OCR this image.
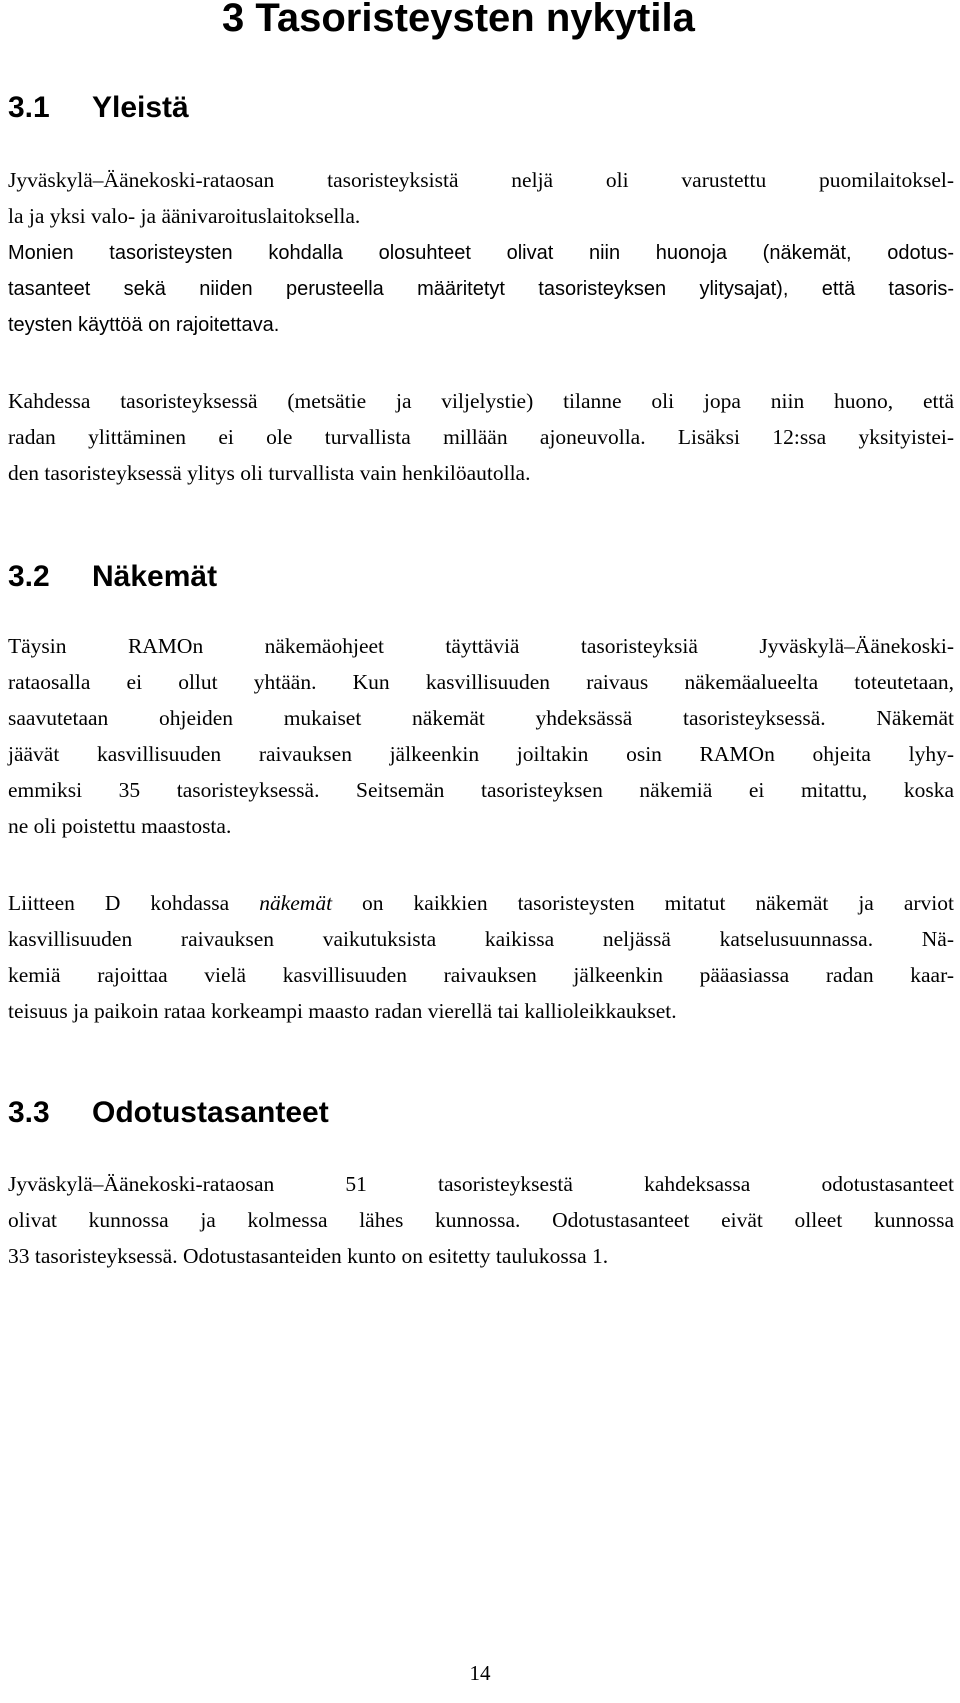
3 Tasoristeysten nykytila
3.1 Yleistä

Jyväskylä–Äänekoski-rataosan tasoristeyksistä neljä oli varustettu puomilaitoksel-
la ja yksi valo- ja äänivaroituslaitoksella.

Monien tasoristeysten kohdalla olosuhteet olivat niin huonoja (näkemät, odotus-
tasanteet sekä niiden perusteella määritetyt tasoristeyksen ylitysajat), että tasoris-
teysten käyttöä on rajoitettava.

Kahdessa tasoristeyksessä (metsätie ja viljelystie) tilanne oli jopa niin huono, että
radan ylittäminen ei ole turvallista millään ajoneuvolla. Lisäksi 12:ssa yksityistei-
den tasoristeyksessä ylitys oli turvallista vain henkilöautolla.

3.2 Näkemät

Täysin RAMOn näkemäohjeet täyttäviä tasoristeyksiä Jyväskylä–Äänekoski-
rataosalla ei ollut yhtään. Kun kasvillisuuden raivaus näkemäalueelta toteutetaan,
saavutetaan ohjeiden mukaiset näkemät yhdeksässä tasoristeyksessä. Näkemät
jäävät kasvillisuuden raivauksen jälkeenkin joiltakin osin RAMOn ohjeita lyhy-
emmiksi 35 tasoristeyksessä. Seitsemän tasoristeyksen näkemiä ei mitattu, koska
ne oli poistettu maastosta.

Liitteen D kohdassa näkemät on kaikkien tasoristeysten mitatut näkemät ja arviot
kasvillisuuden raivauksen vaikutuksista kaikissa neljässä katselusuunnassa. Nä-
kemiä rajoittaa vielä kasvillisuuden raivauksen jälkeenkin pääasiassa radan kaar-
teisuus ja paikoin rataa korkeampi maasto radan vierellä tai kallioleikkaukset.

3.3 Odotustasanteet

Jyväskylä–Äänekoski-rataosan 51 tasoristeyksestä kahdeksassa odotustasanteet
olivat kunnossa ja kolmessa lähes kunnossa. Odotustasanteet eivät olleet kunnossa
33 tasoristeyksessä. Odotustasanteiden kunto on esitetty taulukossa 1.

14
